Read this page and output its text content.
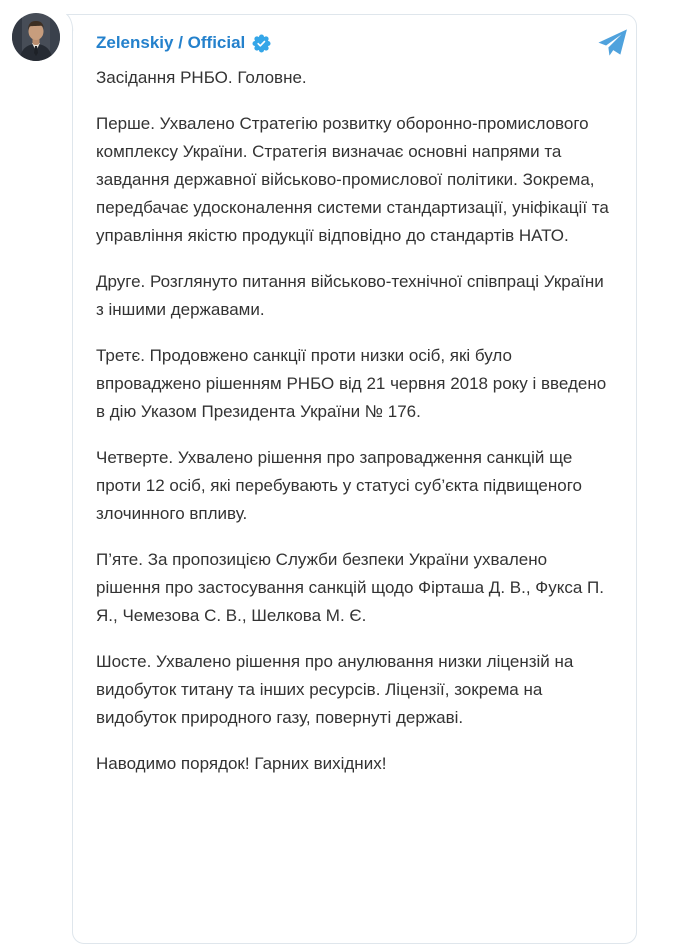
Zelenskiy / Official

Засідання РНБО. Головне.

Перше. Ухвалено Стратегію розвитку оборонно-промислового комплексу України. Стратегія визначає основні напрями та завдання державної військово-промислової політики. Зокрема, передбачає удосконалення системи стандартизації, уніфікації та управління якістю продукції відповідно до стандартів НАТО.

Друге. Розглянуто питання військово-технічної співпраці України з іншими державами.

Третє. Продовжено санкції проти низки осіб, які було впроваджено рішенням РНБО від 21 червня 2018 року і введено в дію Указом Президента України № 176.

Четверте. Ухвалено рішення про запровадження санкцій ще проти 12 осіб, які перебувають у статусі суб’єкта підвищеного злочинного впливу.

П’яте. За пропозицією Служби безпеки України ухвалено рішення про застосування санкцій щодо Фірташа Д. В., Фукса П. Я., Чемезова С. В., Шелкова М. Є.

Шосте. Ухвалено рішення про анулювання низки ліцензій на видобуток титану та інших ресурсів. Ліцензії, зокрема на видобуток природного газу, повернуті державі.

Наводимо порядок! Гарних вихідних!
